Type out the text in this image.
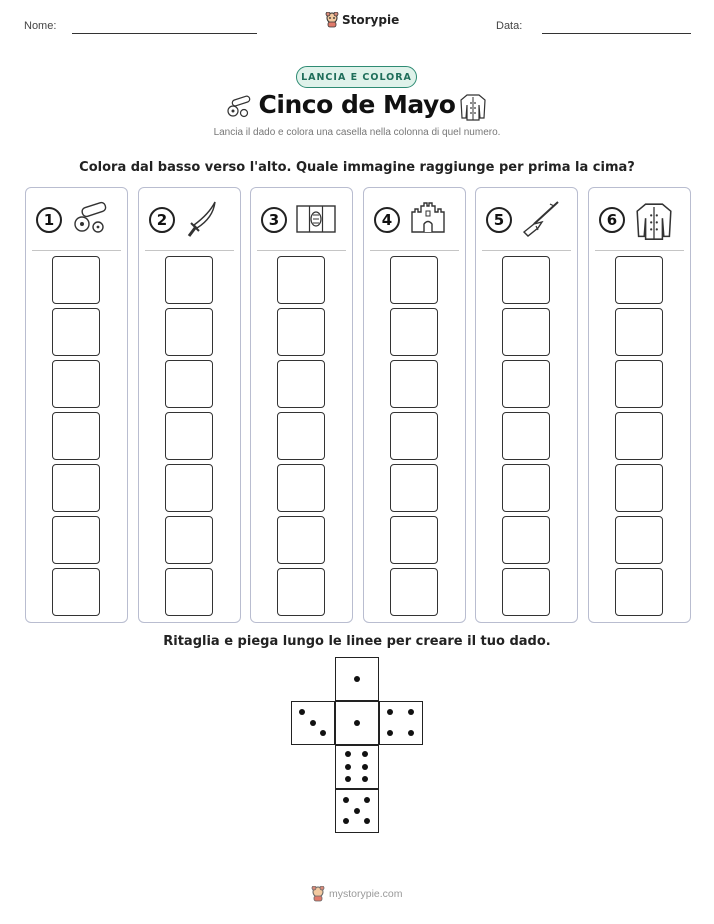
Nome:	Storypie	Data:
LANCIA E COLORA
Cinco de Mayo
Lancia il dado e colora una casella nella colonna di quel numero.
Colora dal basso verso l'alto. Quale immagine raggiunge per prima la cima?
1	2	3	4	5	6
Ritaglia e piega lungo le linee per creare il tuo dado.
mystorypie.com
